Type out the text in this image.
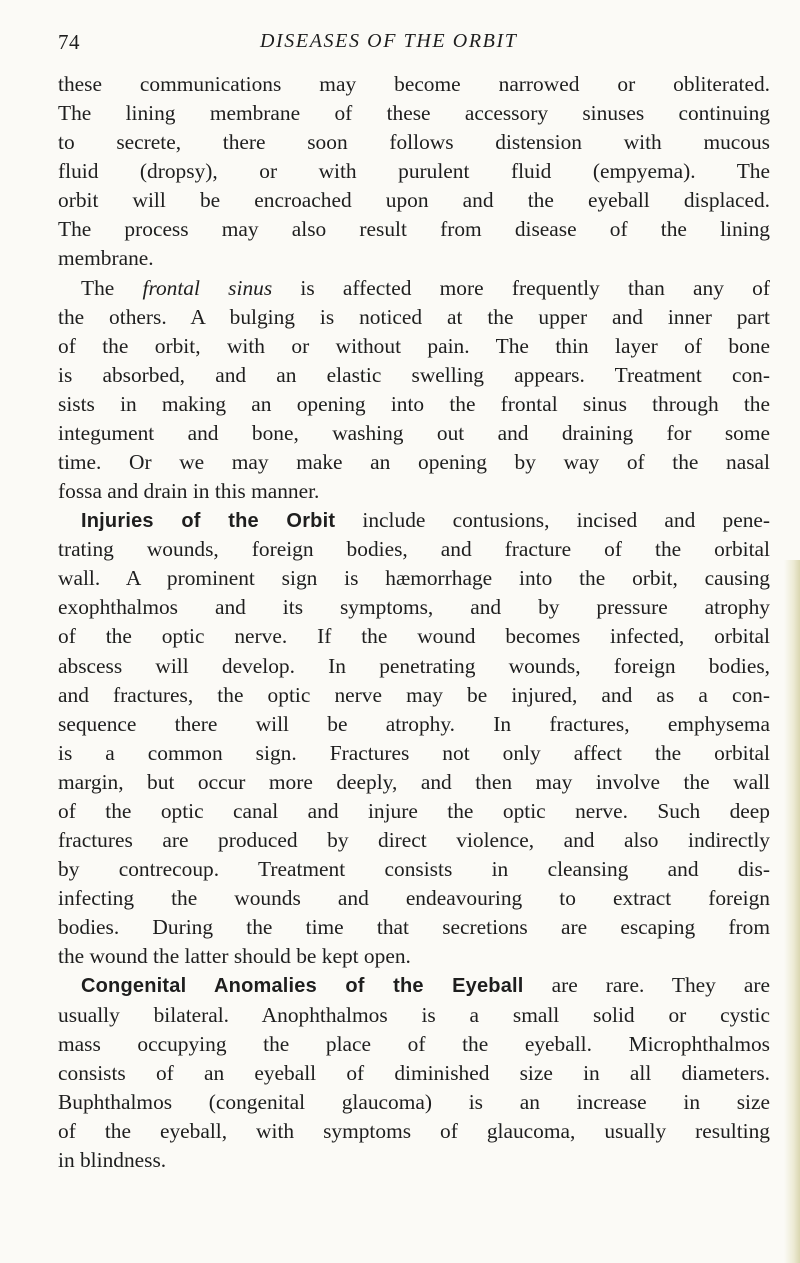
74	DISEASES OF THE ORBIT
these communications may become narrowed or obliterated.
The lining membrane of these accessory sinuses continuing
to secrete, there soon follows distension with mucous
fluid (dropsy), or with purulent fluid (empyema). The
orbit will be encroached upon and the eyeball displaced.
The process may also result from disease of the lining
membrane.
The frontal sinus is affected more frequently than any of
the others. A bulging is noticed at the upper and inner part
of the orbit, with or without pain. The thin layer of bone
is absorbed, and an elastic swelling appears. Treatment con-
sists in making an opening into the frontal sinus through the
integument and bone, washing out and draining for some
time. Or we may make an opening by way of the nasal
fossa and drain in this manner.
Injuries of the Orbit include contusions, incised and pene-
trating wounds, foreign bodies, and fracture of the orbital
wall. A prominent sign is hæmorrhage into the orbit, causing
exophthalmos and its symptoms, and by pressure atrophy
of the optic nerve. If the wound becomes infected, orbital
abscess will develop. In penetrating wounds, foreign bodies,
and fractures, the optic nerve may be injured, and as a con-
sequence there will be atrophy. In fractures, emphysema
is a common sign. Fractures not only affect the orbital
margin, but occur more deeply, and then may involve the wall
of the optic canal and injure the optic nerve. Such deep
fractures are produced by direct violence, and also indirectly
by contrecoup. Treatment consists in cleansing and dis-
infecting the wounds and endeavouring to extract foreign
bodies. During the time that secretions are escaping from
the wound the latter should be kept open.
Congenital Anomalies of the Eyeball are rare. They are
usually bilateral. Anophthalmos is a small solid or cystic
mass occupying the place of the eyeball. Microphthalmos
consists of an eyeball of diminished size in all diameters.
Buphthalmos (congenital glaucoma) is an increase in size
of the eyeball, with symptoms of glaucoma, usually resulting
in blindness.
